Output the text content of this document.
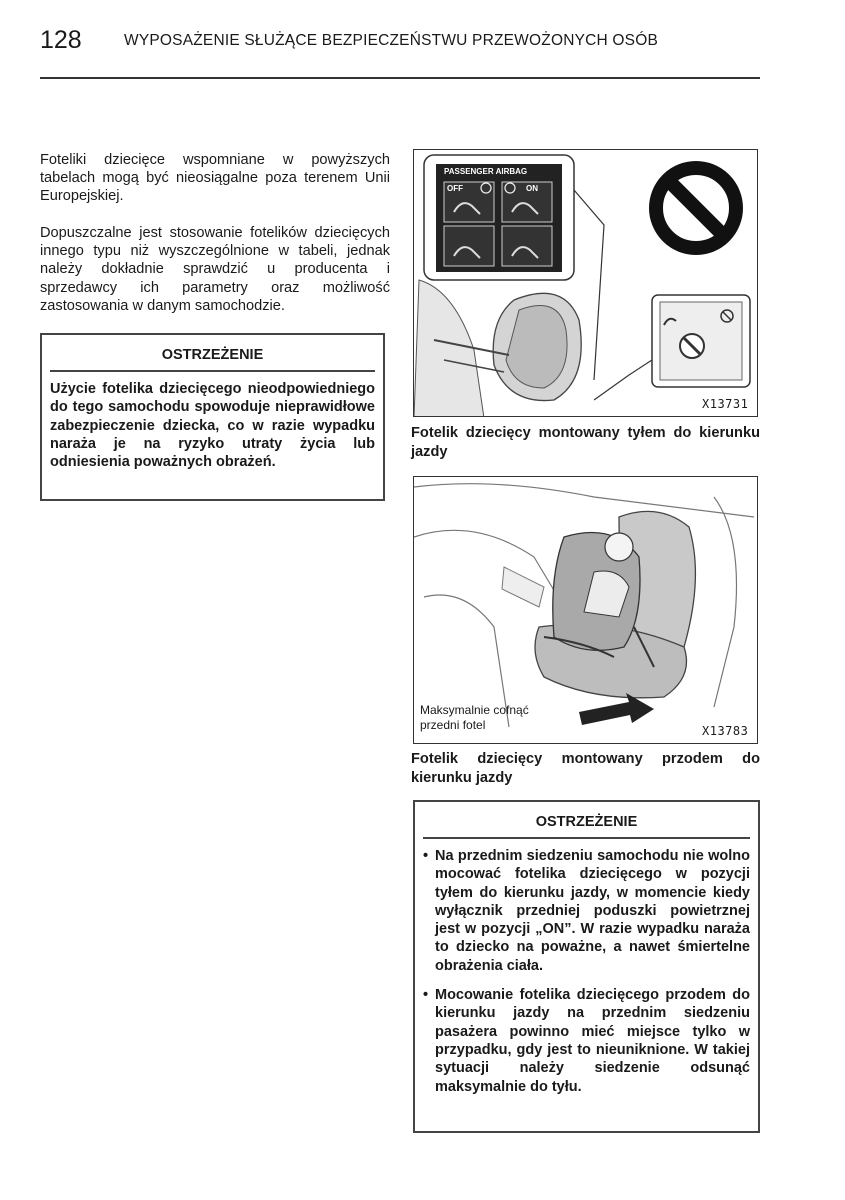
128	WYPOSAŻENIE SŁUŻĄCE BEZPIECZEŃSTWU PRZEWOŻONYCH OSÓB

Foteliki dziecięce wspomniane w powyższych tabelach mogą być nieosiągalne poza terenem Unii Europejskiej.

Dopuszczalne jest stosowanie fotelików dziecięcych innego typu niż wyszczególnione w tabeli, jednak należy dokładnie sprawdzić u producenta i sprzedawcy ich parametry oraz możliwość zastosowania w danym samochodzie.

OSTRZEŻENIE

Użycie fotelika dziecięcego nieodpowiedniego do tego samochodu spowoduje nieprawidłowe zabezpieczenie dziecka, co w razie wypadku naraża je na ryzyko utraty życia lub odniesienia poważnych obrażeń.

PASSENGER AIRBAG
OFF	ON
X13731

Fotelik dziecięcy montowany tyłem do kierunku jazdy

Maksymalnie cofnąć przedni fotel	X13783

Fotelik dziecięcy montowany przodem do kierunku jazdy

OSTRZEŻENIE

• Na przednim siedzeniu samochodu nie wolno mocować fotelika dziecięcego w pozycji tyłem do kierunku jazdy, w momencie kiedy wyłącznik przedniej poduszki powietrznej jest w pozycji „ON”. W razie wypadku naraża to dziecko na poważne, a nawet śmiertelne obrażenia ciała.

• Mocowanie fotelika dziecięcego przodem do kierunku jazdy na przednim siedzeniu pasażera powinno mieć miejsce tylko w przypadku, gdy jest to nieuniknione. W takiej sytuacji należy siedzenie odsunąć maksymalnie do tyłu.
